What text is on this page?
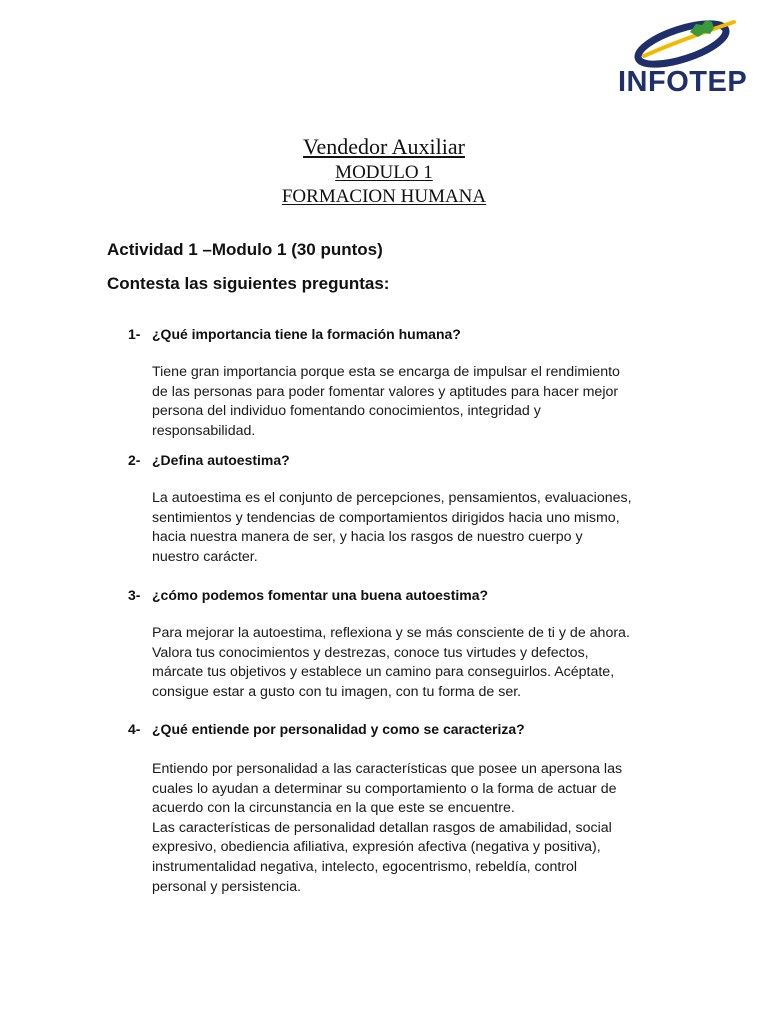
INFOTEP
Vendedor Auxiliar
MODULO 1
FORMACION HUMANA
Actividad 1 –Modulo 1 (30 puntos)
Contesta las siguientes preguntas:
1- ¿Qué importancia tiene la formación humana?

Tiene gran importancia porque esta se encarga de impulsar el rendimiento

de las personas para poder fomentar valores y aptitudes para hacer mejor

persona del individuo fomentando conocimientos, integridad y

responsabilidad.

2- ¿Defina autoestima?

La autoestima es el conjunto de percepciones, pensamientos, evaluaciones,

sentimientos y tendencias de comportamientos dirigidos hacia uno mismo,

hacia nuestra manera de ser, y hacia los rasgos de nuestro cuerpo y

nuestro carácter.

3- ¿cómo podemos fomentar una buena autoestima?

Para mejorar la autoestima, reflexiona y se más consciente de ti y de ahora.

Valora tus conocimientos y destrezas, conoce tus virtudes y defectos,

márcate tus objetivos y establece un camino para conseguirlos. Acéptate,

consigue estar a gusto con tu imagen, con tu forma de ser.

4- ¿Qué entiende por personalidad y como se caracteriza?

Entiendo por personalidad a las características que posee un apersona las

cuales lo ayudan a determinar su comportamiento o la forma de actuar de

acuerdo con la circunstancia en la que este se encuentre.

Las características de personalidad detallan rasgos de amabilidad, social

expresivo, obediencia afiliativa, expresión afectiva (negativa y positiva),

instrumentalidad negativa, intelecto, egocentrismo, rebeldía, control

personal y persistencia.
